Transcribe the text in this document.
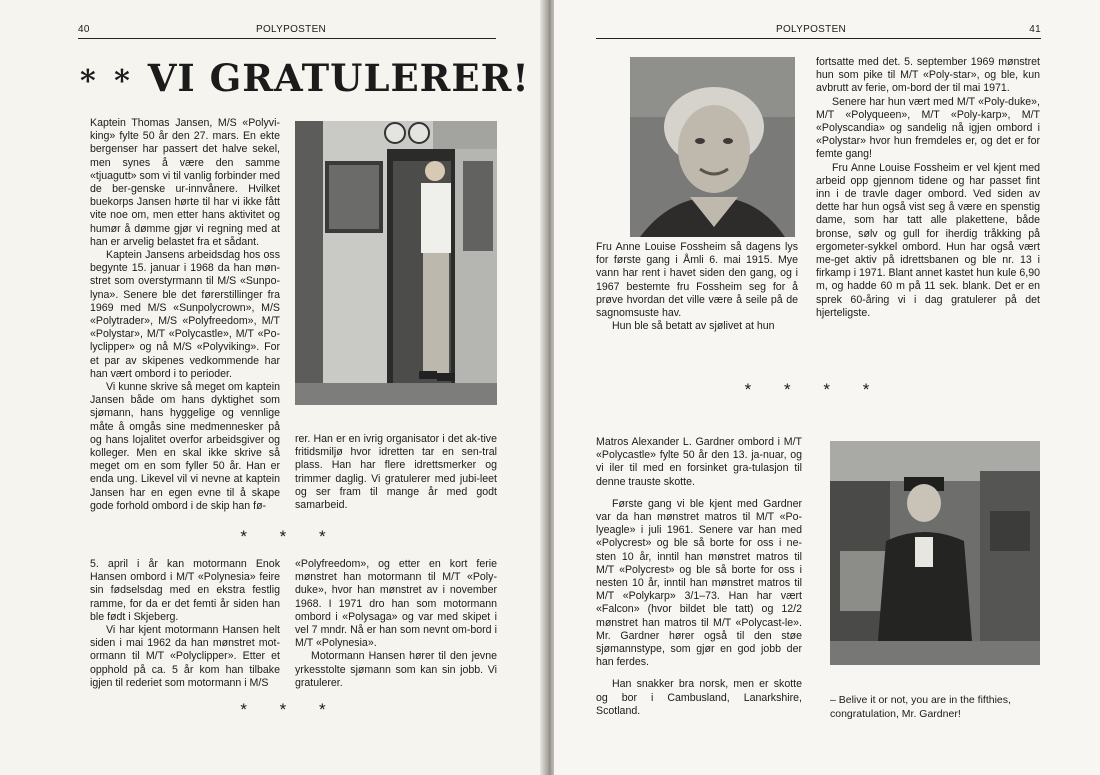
40	POLYPOSTEN
* * VI GRATULERER!

Kaptein Thomas Jansen, M/S «Polyvi-king» fylte 50 år den 27. mars. En ekte bergenser har passert det halve sekel, men synes å være den samme «tjuagutt» som vi til vanlig forbinder med de ber-genske ur-innvånere. Hvilket buekorps Jansen hørte til har vi ikke fått vite noe om, men etter hans aktivitet og humør å dømme gjør vi regning med at han er arvelig belastet fra et sådant.

Kaptein Jansens arbeidsdag hos oss begynte 15. januar i 1968 da han møn-stret som overstyrmann til M/S «Sunpo-lyna». Senere ble det førerstillinger fra 1969 med M/S «Sunpolycrown», M/S «Polytrader», M/S «Polyfreedom», M/T «Polystar», M/T «Polycastle», M/T «Po-lyclipper» og nå M/S «Polyviking». For et par av skipenes vedkommende har han vært ombord i to perioder.

Vi kunne skrive så meget om kaptein Jansen både om hans dyktighet som sjømann, hans hyggelige og vennlige måte å omgås sine medmennesker på og hans lojalitet overfor arbeidsgiver og kolleger. Men en skal ikke skrive så meget om en som fyller 50 år. Han er enda ung. Likevel vil vi nevne at kaptein Jansen har en egen evne til å skape gode forhold ombord i de skip han fø-

rer. Han er en ivrig organisator i det ak-tive fritidsmiljø hvor idretten tar en sen-tral plass. Han har flere idrettsmerker og trimmer daglig. Vi gratulerer med jubi-leet og ser fram til mange år med godt samarbeid.

* * *

5. april i år kan motormann Enok Hansen ombord i M/T «Polynesia» feire sin fødselsdag med en ekstra festlig ramme, for da er det femti år siden han ble født i Skjeberg.

Vi har kjent motormann Hansen helt siden i mai 1962 da han mønstret mot-ormann til M/T «Polyclipper». Etter et opphold på ca. 5 år kom han tilbake igjen til rederiet som motormann i M/S

«Polyfreedom», og etter en kort ferie mønstret han motormann til M/T «Poly-duke», hvor han mønstret av i november 1968. I 1971 dro han som motormann ombord i «Polysaga» og var med skipet i vel 7 mndr. Nå er han som nevnt om-bord i M/T «Polynesia».

Motormann Hansen hører til den jevne yrkesstolte sjømann som kan sin jobb. Vi gratulerer.

* * *
POLYPOSTEN	41

Fru Anne Louise Fossheim så dagens lys for første gang i Åmli 6. mai 1915. Mye vann har rent i havet siden den gang, og i 1967 bestemte fru Fossheim seg for å prøve hvordan det ville være å seile på de sagnomsuste hav.

Hun ble så betatt av sjølivet at hun

fortsatte med det. 5. september 1969 mønstret hun som pike til M/T «Poly-star», og ble, kun avbrutt av ferie, om-bord der til mai 1971.

Senere har hun vært med M/T «Poly-duke», M/T «Polyqueen», M/T «Poly-karp», M/T «Polyscandia» og sandelig nå igjen ombord i «Polystar» hvor hun fremdeles er, og det er for femte gang!

Fru Anne Louise Fossheim er vel kjent med arbeid opp gjennom tidene og har passet fint inn i de travle dager ombord. Ved siden av dette har hun også vist seg å være en spenstig dame, som har tatt alle plakettene, både bronse, sølv og gull for iherdig tråkking på ergometer-sykkel ombord. Hun har også vært me-get aktiv på idrettsbanen og ble nr. 13 i firkamp i 1971. Blant annet kastet hun kule 6,90 m, og hadde 60 m på 11 sek. blank. Det er en sprek 60-åring vi i dag gratulerer på det hjerteligste.

* * * *

Matros Alexander L. Gardner ombord i M/T «Polycastle» fylte 50 år den 13. ja-nuar, og vi iler til med en forsinket gra-tulasjon til denne trauste skotte.

Første gang vi ble kjent med Gardner var da han mønstret matros til M/T «Po-lyeagle» i juli 1961. Senere var han med «Polycrest» og ble så borte for oss i ne-sten 10 år, inntil han mønstret matros til M/T «Polycrest» og ble så borte for oss i nesten 10 år, inntil han mønstret matros til M/T «Polykarp» 3/1–73. Han har vært «Falcon» (hvor bildet ble tatt) og 12/2 mønstret han matros til M/T «Polycast-le». Mr. Gardner hører også til den støe sjømannstype, som gjør en god jobb der han ferdes.

Han snakker bra norsk, men er skotte og bor i Cambusland, Lanarkshire, Scotland.

– Belive it or not, you are in the fifthies, congratulation, Mr. Gardner!
